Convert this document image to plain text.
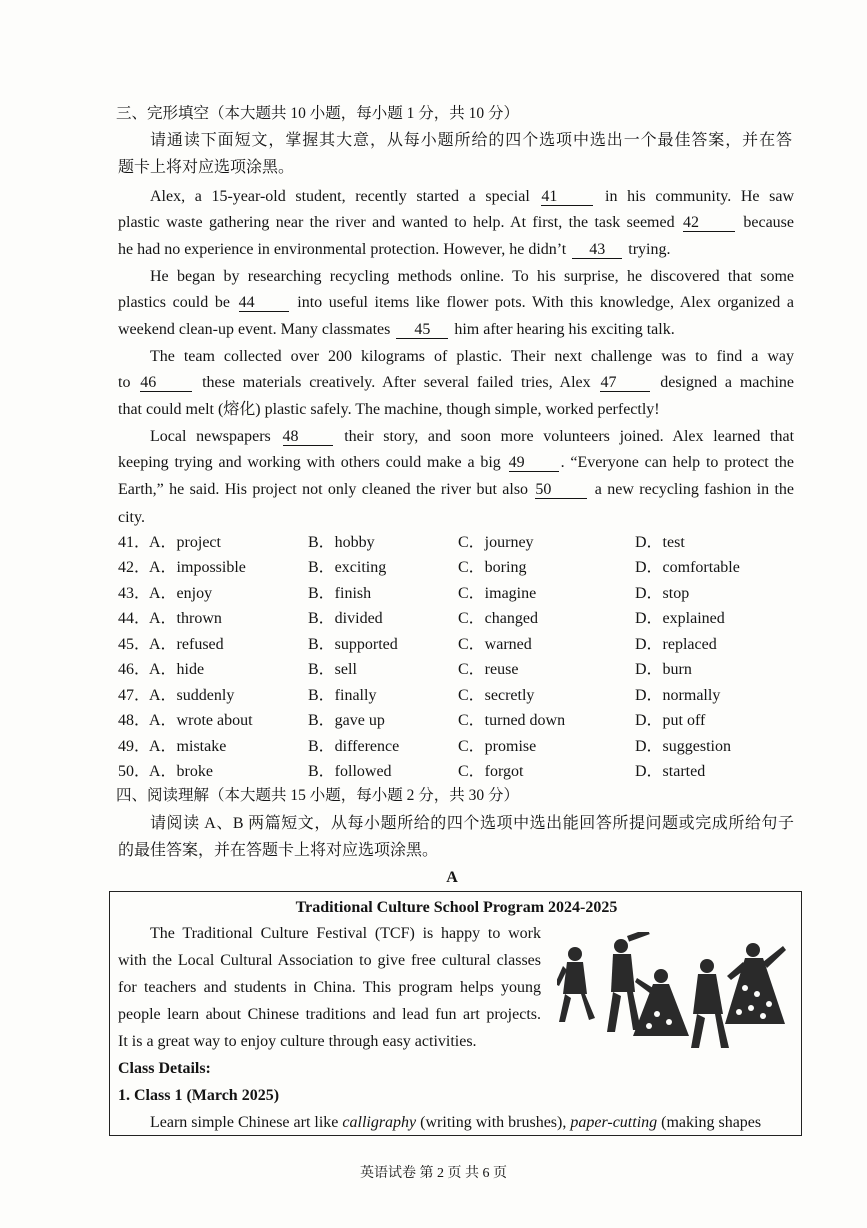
三、完形填空（本大题共 10 小题，每小题 1 分，共 10 分）
请通读下面短文，掌握其大意，从每小题所给的四个选项中选出一个最佳答案，并在答
题卡上将对应选项涂黑。
Alex, a 15-year-old student, recently started a special 41	in his community. He saw
plastic waste gathering near the river and wanted to help. At first, the task seemed 42	because
he had no experience in environmental protection. However, he didn’t 43 trying.
He began by researching recycling methods online. To his surprise, he discovered that some
plastics could be 44	into useful items like flower pots. With this knowledge, Alex organized a
weekend clean-up event. Many classmates 45 him after hearing his exciting talk.
The team collected over 200 kilograms of plastic. Their next challenge was to find a way
to 46	these materials creatively. After several failed tries, Alex 47	designed a machine
that could melt (熔化) plastic safely. The machine, though simple, worked perfectly!
Local newspapers 48	their story, and soon more volunteers joined. Alex learned that
keeping trying and working with others could make a big 49 . “Everyone can help to protect the
Earth,” he said. His project not only cleaned the river but also 50	a new recycling fashion in the
city.
41．
A．project	B．hobby	C．journey	D．test
42．
A．impossible	B．exciting	C．boring	D．comfortable
43．
A．enjoy	B．finish	C．imagine	D．stop
44．
A．thrown	B．divided	C．changed	D．explained
45．
A．refused	B．supported	C．warned	D．replaced
46．
A．hide	B．sell	C．reuse	D．burn
47．
A．suddenly	B．finally	C．secretly	D．normally
48．
A．wrote about	B．gave up	C．turned down	D．put off
49．
A．mistake	B．difference	C．promise	D．suggestion
50．
A．broke	B．followed	C．forgot	D．started
四、阅读理解（本大题共 15 小题，每小题 2 分，共 30 分）
请阅读 A、B 两篇短文，从每小题所给的四个选项中选出能回答所提问题或完成所给句子
的最佳答案，并在答题卡上将对应选项涂黑。
A
Traditional Culture School Program 2024-2025
The Traditional Culture Festival (TCF) is happy to work
with the Local Cultural Association to give free cultural classes
for teachers and students in China. This program helps young
people learn about Chinese traditions and lead fun art projects.
It is a great way to enjoy culture through easy activities.
Class Details:
1. Class 1 (March 2025)
Learn simple Chinese art like calligraphy (writing with brushes), paper-cutting (making shapes
英语试卷 第 2 页 共 6 页
